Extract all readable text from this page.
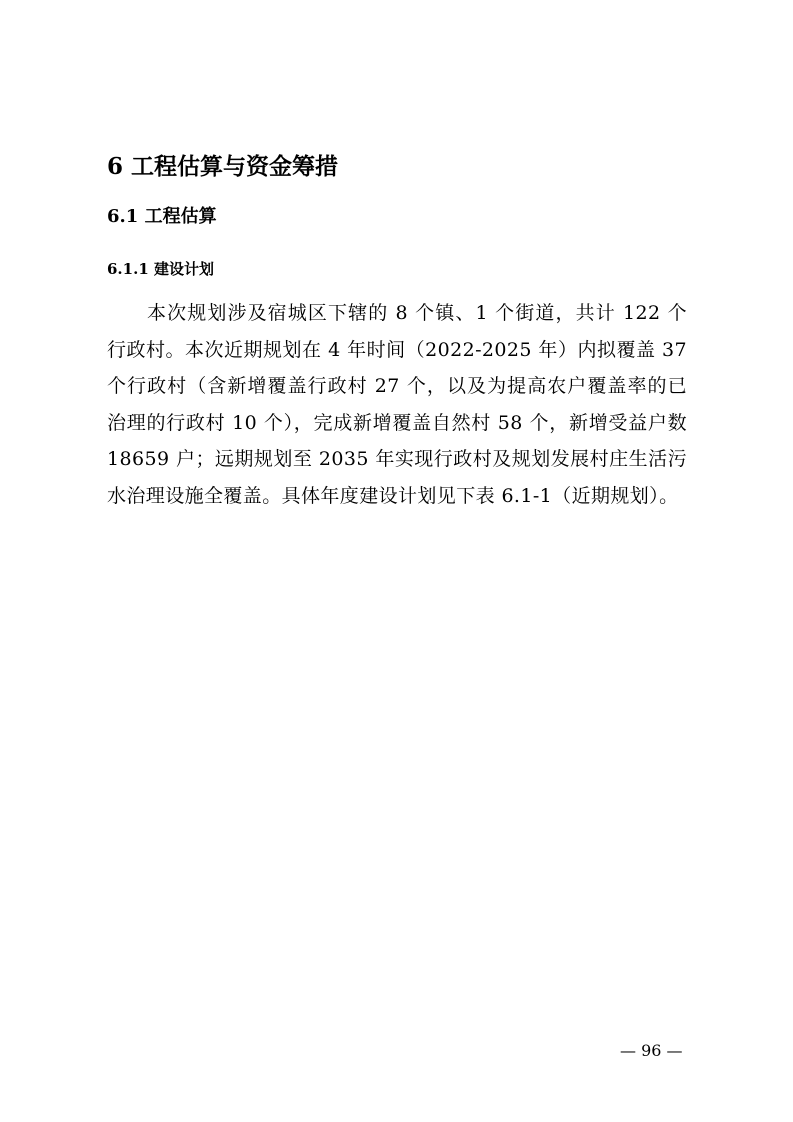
6 工程估算与资金筹措
6.1 工程估算
6.1.1 建设计划

本次规划涉及宿城区下辖的 8 个镇、1 个街道，共计 122 个行政村。本次近期规划在 4 年时间（2022-2025 年）内拟覆盖 37 个行政村（含新增覆盖行政村 27 个，以及为提高农户覆盖率的已治理的行政村 10 个），完成新增覆盖自然村 58 个，新增受益户数 18659 户；远期规划至 2035 年实现行政村及规划发展村庄生活污水治理设施全覆盖。具体年度建设计划见下表 6.1-1（近期规划）。

— 96 —
